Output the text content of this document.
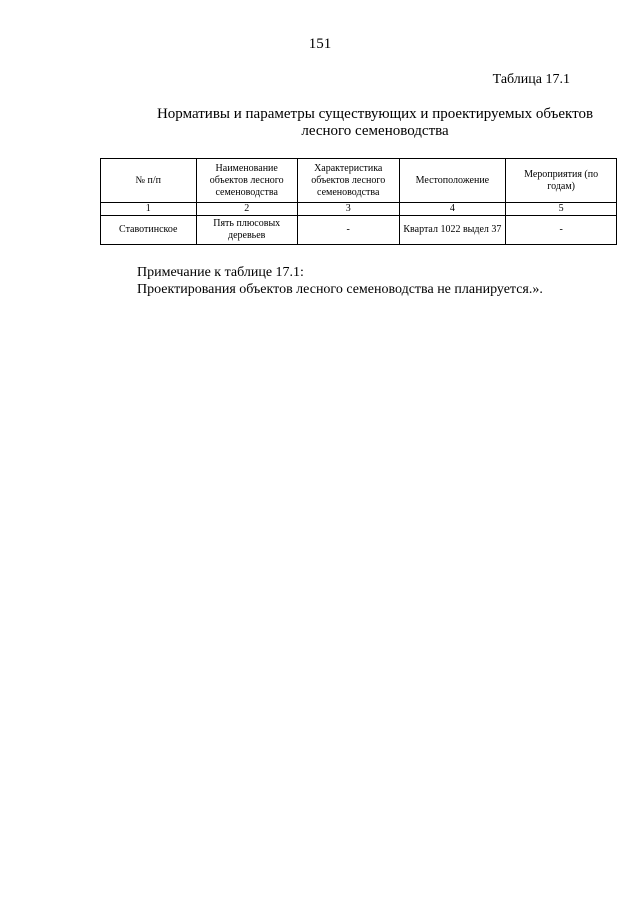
151
Таблица 17.1
Нормативы и параметры существующих и проектируемых объектов
лесного семеноводства
№ п/п	Наименование объектов лесного семеноводства	Характеристика объектов лесного семеноводства	Местоположение	Мероприятия (по годам)
1	2	3	4	5
Ставотинское	Пять плюсовых деревьев	-	Квартал 1022 выдел 37	-
Примечание к таблице 17.1:
Проектирования объектов лесного семеноводства не планируется.».
